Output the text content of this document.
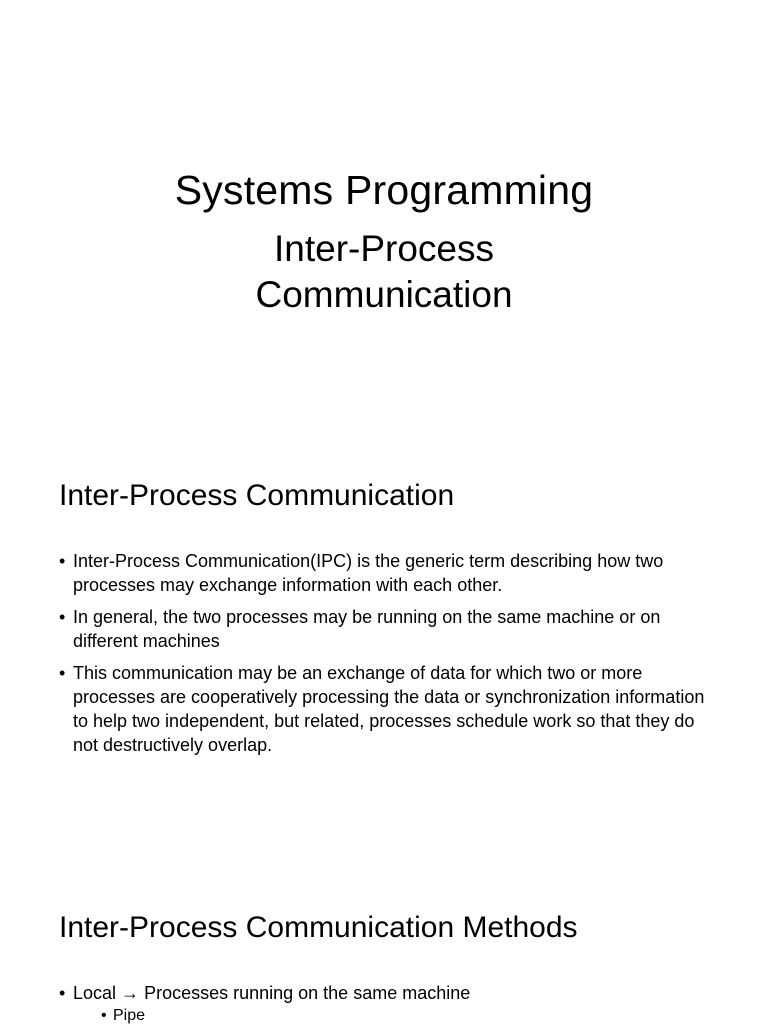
Systems Programming
Inter-Process
Communication
Inter-Process Communication
•
Inter-Process Communication(IPC) is the generic term describing how two processes may exchange information with each other.
•
In general, the two processes may be running on the same machine or on different machines
•
This communication may be an exchange of data for which two or more processes are cooperatively processing the data or synchronization information to help two independent, but related, processes schedule work so that they do not destructively overlap.
Inter-Process Communication Methods
•
Local → Processes running on the same machine
•
Pipe
